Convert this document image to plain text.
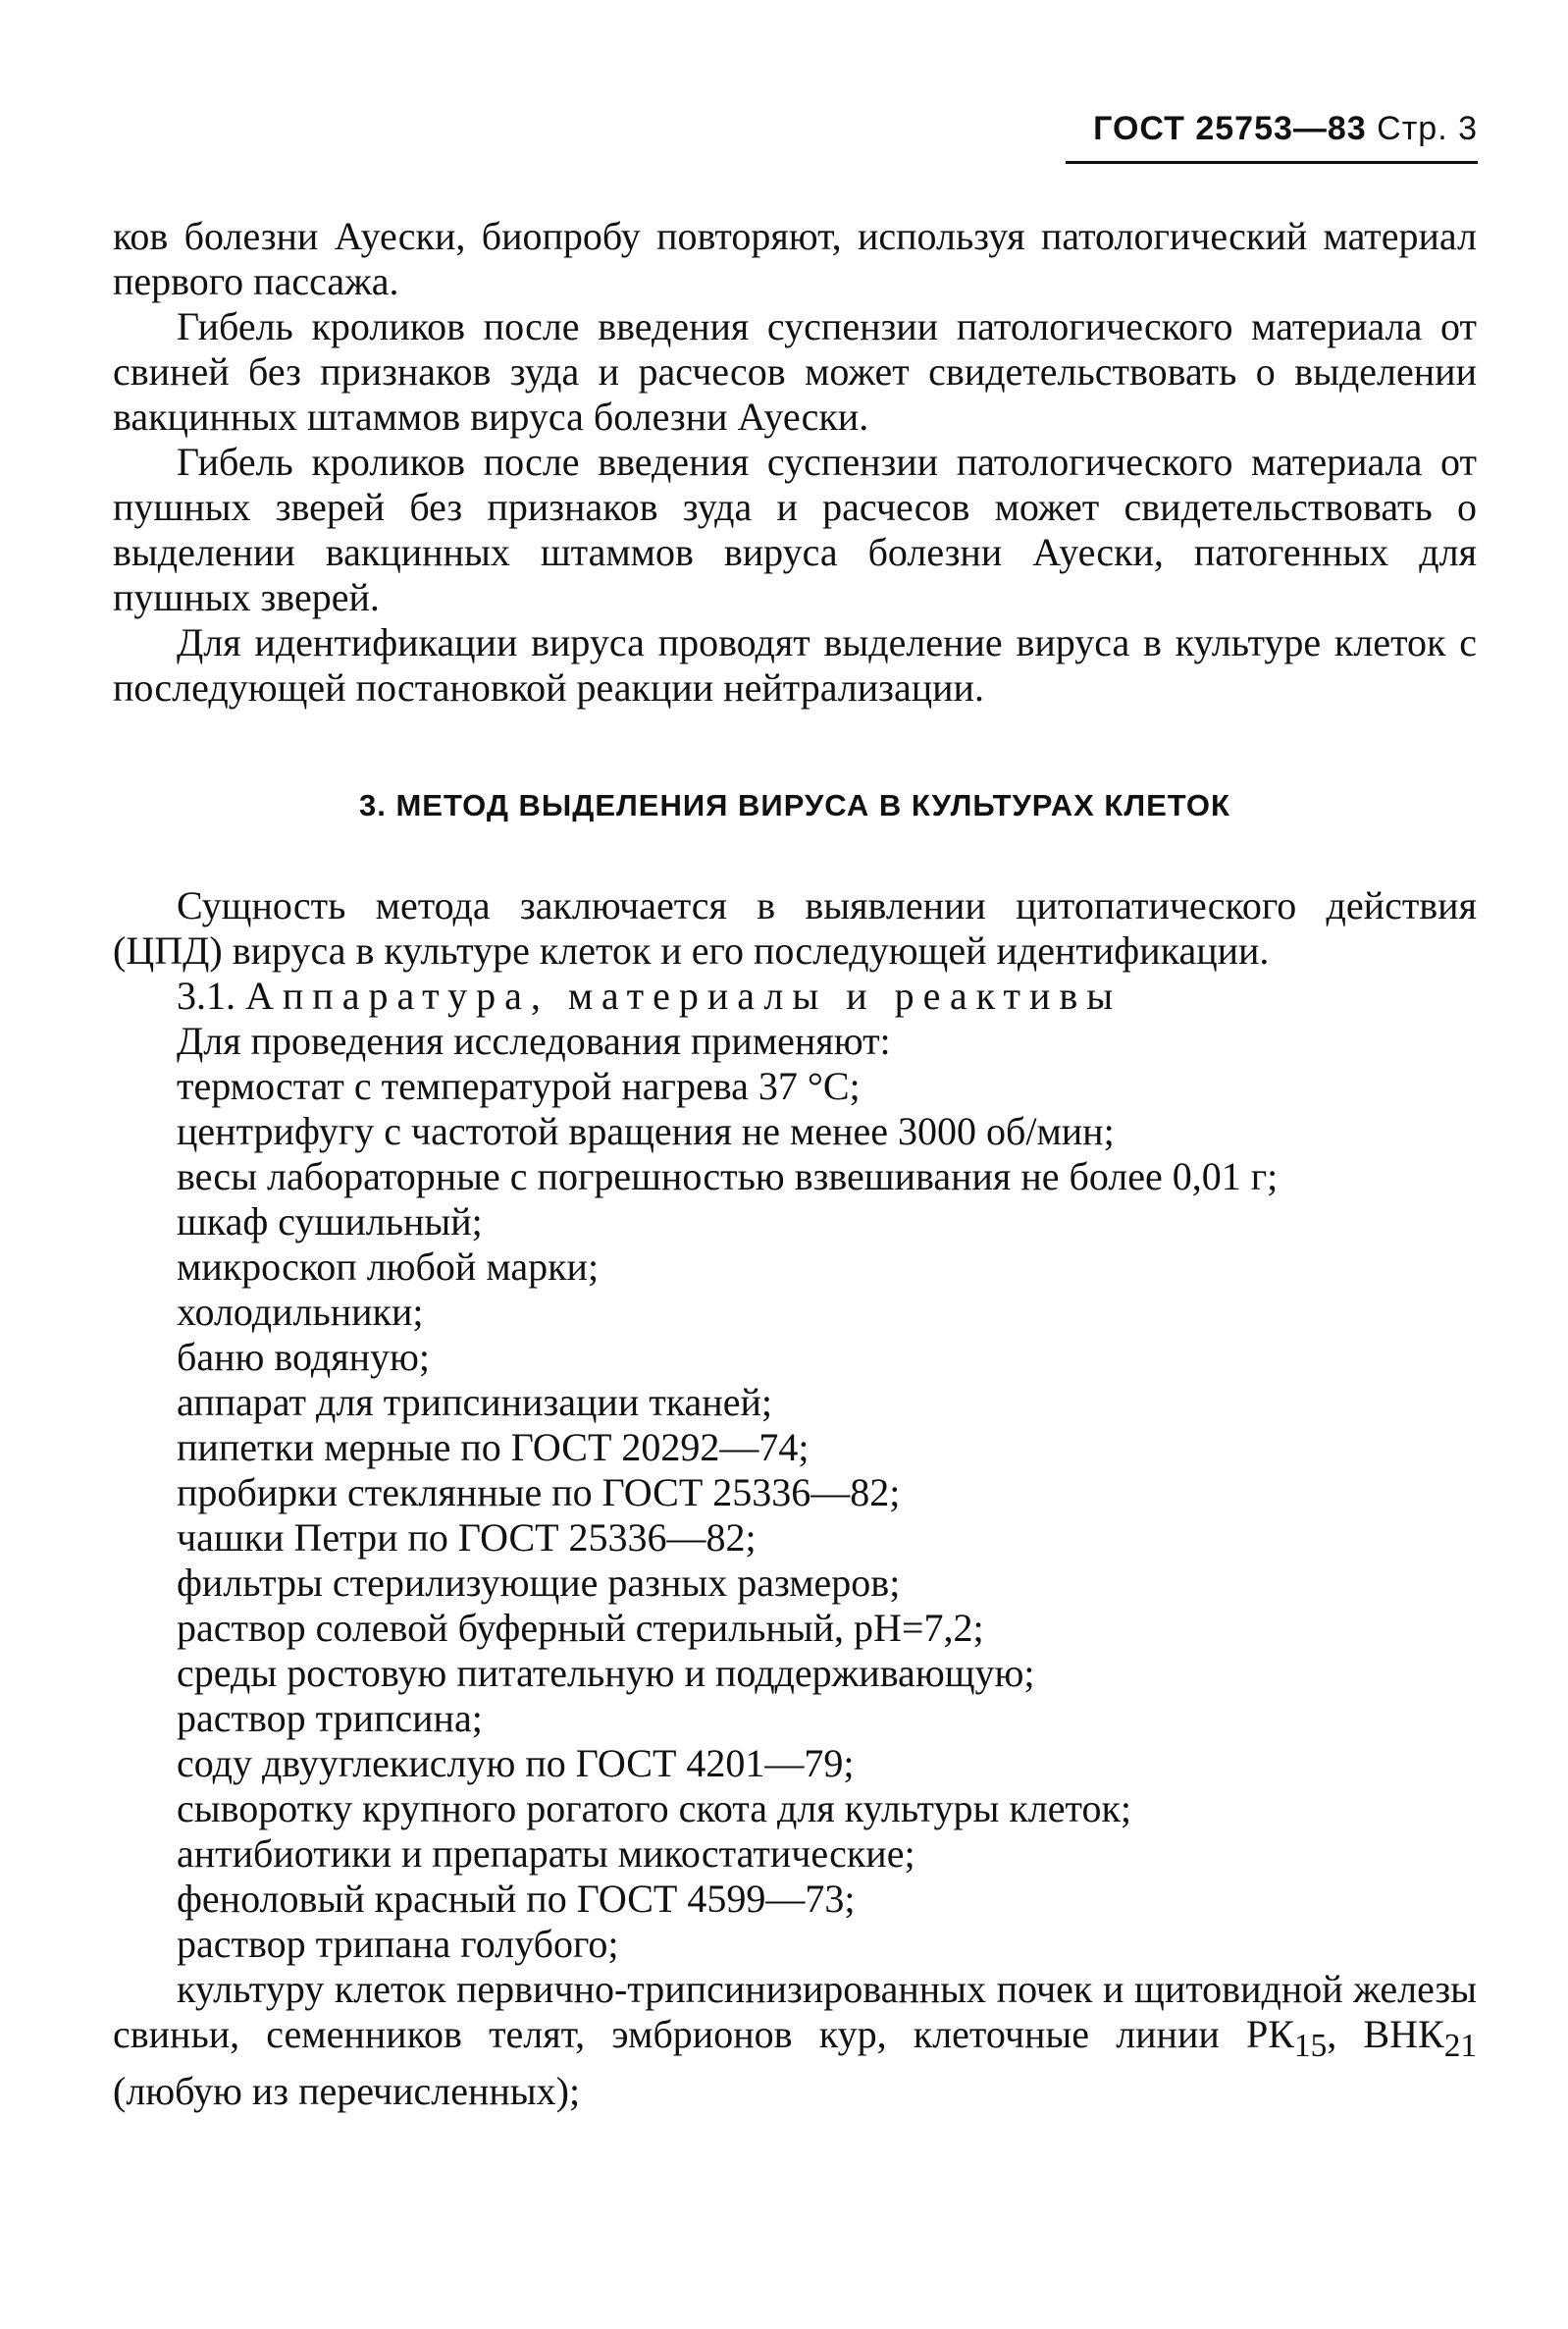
ГОСТ 25753—83 Стр. 3

ков болезни Ауески, биопробу повторяют, используя патологический материал первого пассажа.

Гибель кроликов после введения суспензии патологического материала от свиней без признаков зуда и расчесов может свидетельствовать о выделении вакцинных штаммов вируса болезни Ауески.

Гибель кроликов после введения суспензии патологического материала от пушных зверей без признаков зуда и расчесов может свидетельствовать о выделении вакцинных штаммов вируса болезни Ауески, патогенных для пушных зверей.

Для идентификации вируса проводят выделение вируса в культуре клеток с последующей постановкой реакции нейтрализации.

3. МЕТОД ВЫДЕЛЕНИЯ ВИРУСА В КУЛЬТУРАХ КЛЕТОК

Сущность метода заключается в выявлении цитопатического действия (ЦПД) вируса в культуре клеток и его последующей идентификации.

3.1. Аппаратура, материалы и реактивы

Для проведения исследования применяют:

термостат с температурой нагрева 37 °С;

центрифугу с частотой вращения не менее 3000 об/мин;

весы лабораторные с погрешностью взвешивания не более 0,01 г;

шкаф сушильный;

микроскоп любой марки;

холодильники;

баню водяную;

аппарат для трипсинизации тканей;

пипетки мерные по ГОСТ 20292—74;

пробирки стеклянные по ГОСТ 25336—82;

чашки Петри по ГОСТ 25336—82;

фильтры стерилизующие разных размеров;

раствор солевой буферный стерильный, pH=7,2;

среды ростовую питательную и поддерживающую;

раствор трипсина;

соду двууглекислую по ГОСТ 4201—79;

сыворотку крупного рогатого скота для культуры клеток;

антибиотики и препараты микостатические;

феноловый красный по ГОСТ 4599—73;

раствор трипана голубого;

культуру клеток первично-трипсинизированных почек и щитовидной железы свиньи, семенников телят, эмбрионов кур, клеточные линии $РК_{15}$, $ВНК_{21}$ (любую из перечисленных);
